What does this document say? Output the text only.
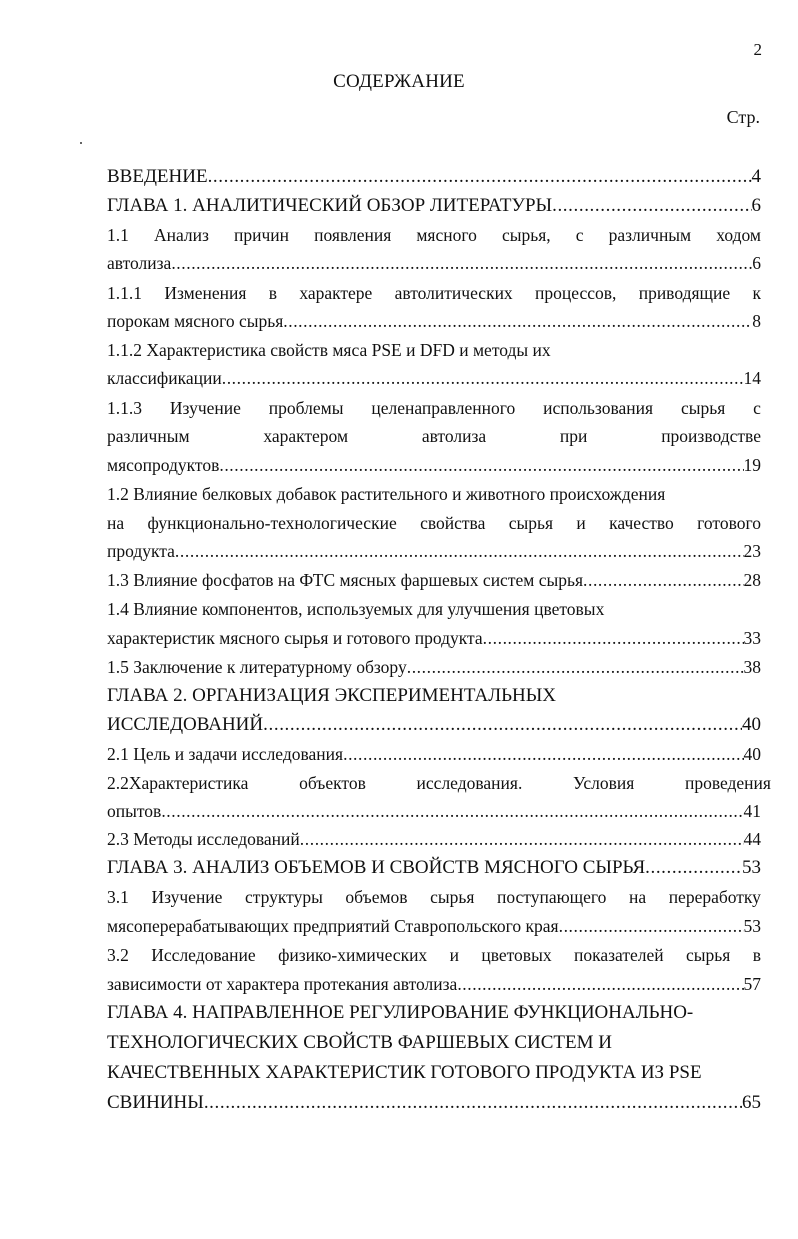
2
СОДЕРЖАНИЕ
Стр.
ВВЕДЕНИЕ .....	4
ГЛАВА 1. АНАЛИТИЧЕСКИЙ ОБЗОР ЛИТЕРАТУРЫ .....	6
1.1 Анализ причин появления мясного сырья, с различным ходом
автолиза .....	6
1.1.1 Изменения в характере автолитических процессов, приводящие к
порокам мясного сырья .....	8
1.1.2 Характеристика свойств мяса PSE и DFD и методы их
классификации .....	14
1.1.3 Изучение проблемы целенаправленного использования сырья с
различным	характером	автолиза	при	производстве
мясопродуктов .....	19
1.2 Влияние белковых добавок растительного и животного происхождения
на функционально-технологические свойства сырья и качество готового
продукта .....	23
1.3 Влияние фосфатов на ФТС мясных фаршевых систем сырья .....	28
1.4 Влияние компонентов, используемых для улучшения цветовых
характеристик мясного сырья и готового продукта .....	33
1.5 Заключение к литературному обзору .....	38
ГЛАВА 2. ОРГАНИЗАЦИЯ ЭКСПЕРИМЕНТАЛЬНЫХ
ИССЛЕДОВАНИЙ .....	40
2.1 Цель и задачи исследования .....	40
2.2Характеристика	объектов	исследования.	Условия	проведения
опытов .....	41
2.3 Методы исследований .....	44
ГЛАВА 3. АНАЛИЗ ОБЪЕМОВ И СВОЙСТВ МЯСНОГО СЫРЬЯ .....	53
3.1 Изучение структуры объемов сырья поступающего на переработку
мясоперерабатывающих предприятий Ставропольского края .....	53
3.2 Исследование физико-химических и цветовых показателей сырья в
зависимости от характера протекания автолиза .....	57
ГЛАВА 4. НАПРАВЛЕННОЕ РЕГУЛИРОВАНИЕ ФУНКЦИОНАЛЬНО-
ТЕХНОЛОГИЧЕСКИХ СВОЙСТВ ФАРШЕВЫХ СИСТЕМ И
КАЧЕСТВЕННЫХ ХАРАКТЕРИСТИК ГОТОВОГО ПРОДУКТА ИЗ PSE
СВИНИНЫ .....	65
